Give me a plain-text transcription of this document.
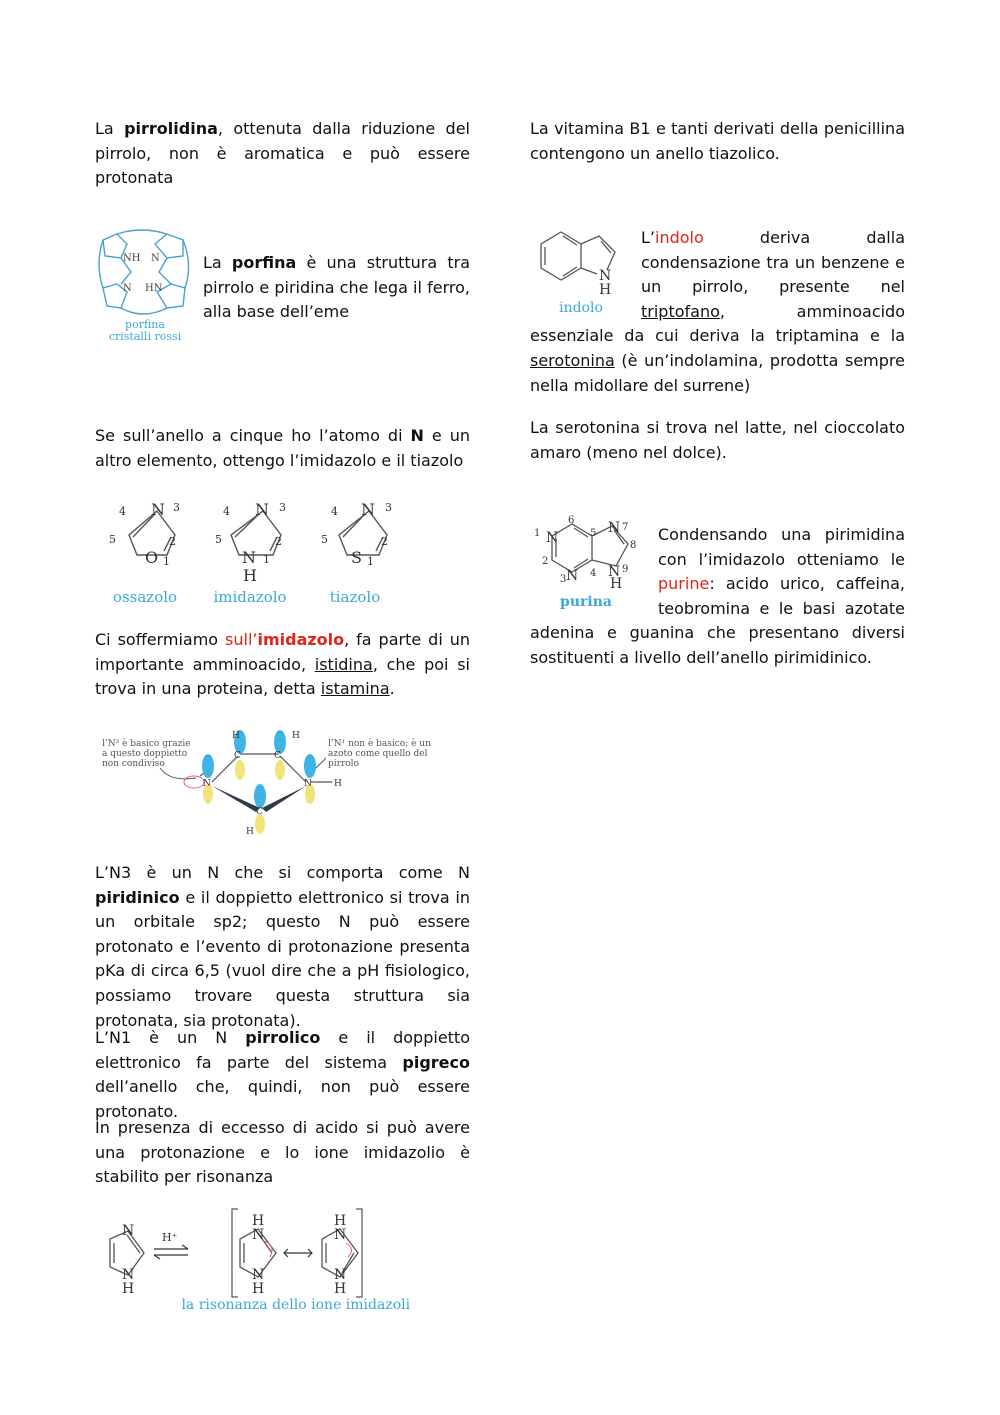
La pirrolidina, ottenuta dalla riduzione del pirrolo, non è aromatica e può essere protonata

NH N
N HN
porfina
cristalli rossi

La porfina è una struttura tra pirrolo e piridina che lega il ferro, alla base dell’eme

Se sull’anello a cinque ho l’atomo di N e un altro elemento, ottengo l’imidazolo e il tiazolo

N
O
3
4
5	2
1
ossazolo
N
N
H
3
4
5	2
1
imidazolo
N
S
3
4
5	2
1
tiazolo

Ci soffermiamo sull’imidazolo, fa parte di un importante amminoacido, istidina, che poi si trova in una proteina, detta istamina.

l’N³ è basico grazie
a questo doppietto
non condiviso
l’N¹ non è basico; è un
azoto come quello del
pirrolo
N
C	C
N
C
H	H
H
H

L’N3 è un N che si comporta come N piridinico e il doppietto elettronico si trova in un orbitale sp2; questo N può essere protonato e l’evento di protonazione presenta pKa di circa 6,5 (vuol dire che a pH fisiologico, possiamo trovare questa struttura sia protonata, sia protonata).

L’N1 è un N pirrolico e il doppietto elettronico fa parte del sistema pigreco dell’anello che, quindi, non può essere protonato.

In presenza di eccesso di acido si può avere una protonazione e lo ione imidazolio è stabilito per risonanza

N
N
H
H⁺
H
N
N
H
H
N
N
H
la risonanza dello ione imidazolio

La vitamina B1 e tanti derivati della penicillina contengono un anello tiazolico.

N
H
indolo

L’indolo deriva dalla condensazione tra un benzene e un pirrolo, presente nel triptofano, amminoacido essenziale da cui deriva la triptamina e la serotonina (è un’indolamina, prodotta sempre nella midollare del surrene)

La serotonina si trova nel latte, nel cioccolato amaro (meno nel dolce).

N
N
N
N
H
1
2
3
4
5
6
7
8
9
purina

Condensando una pirimidina con l’imidazolo otteniamo le purine: acido urico, caffeina, teobromina e le basi azotate adenina e guanina che presentano diversi sostituenti a livello dell’anello pirimidinico.
